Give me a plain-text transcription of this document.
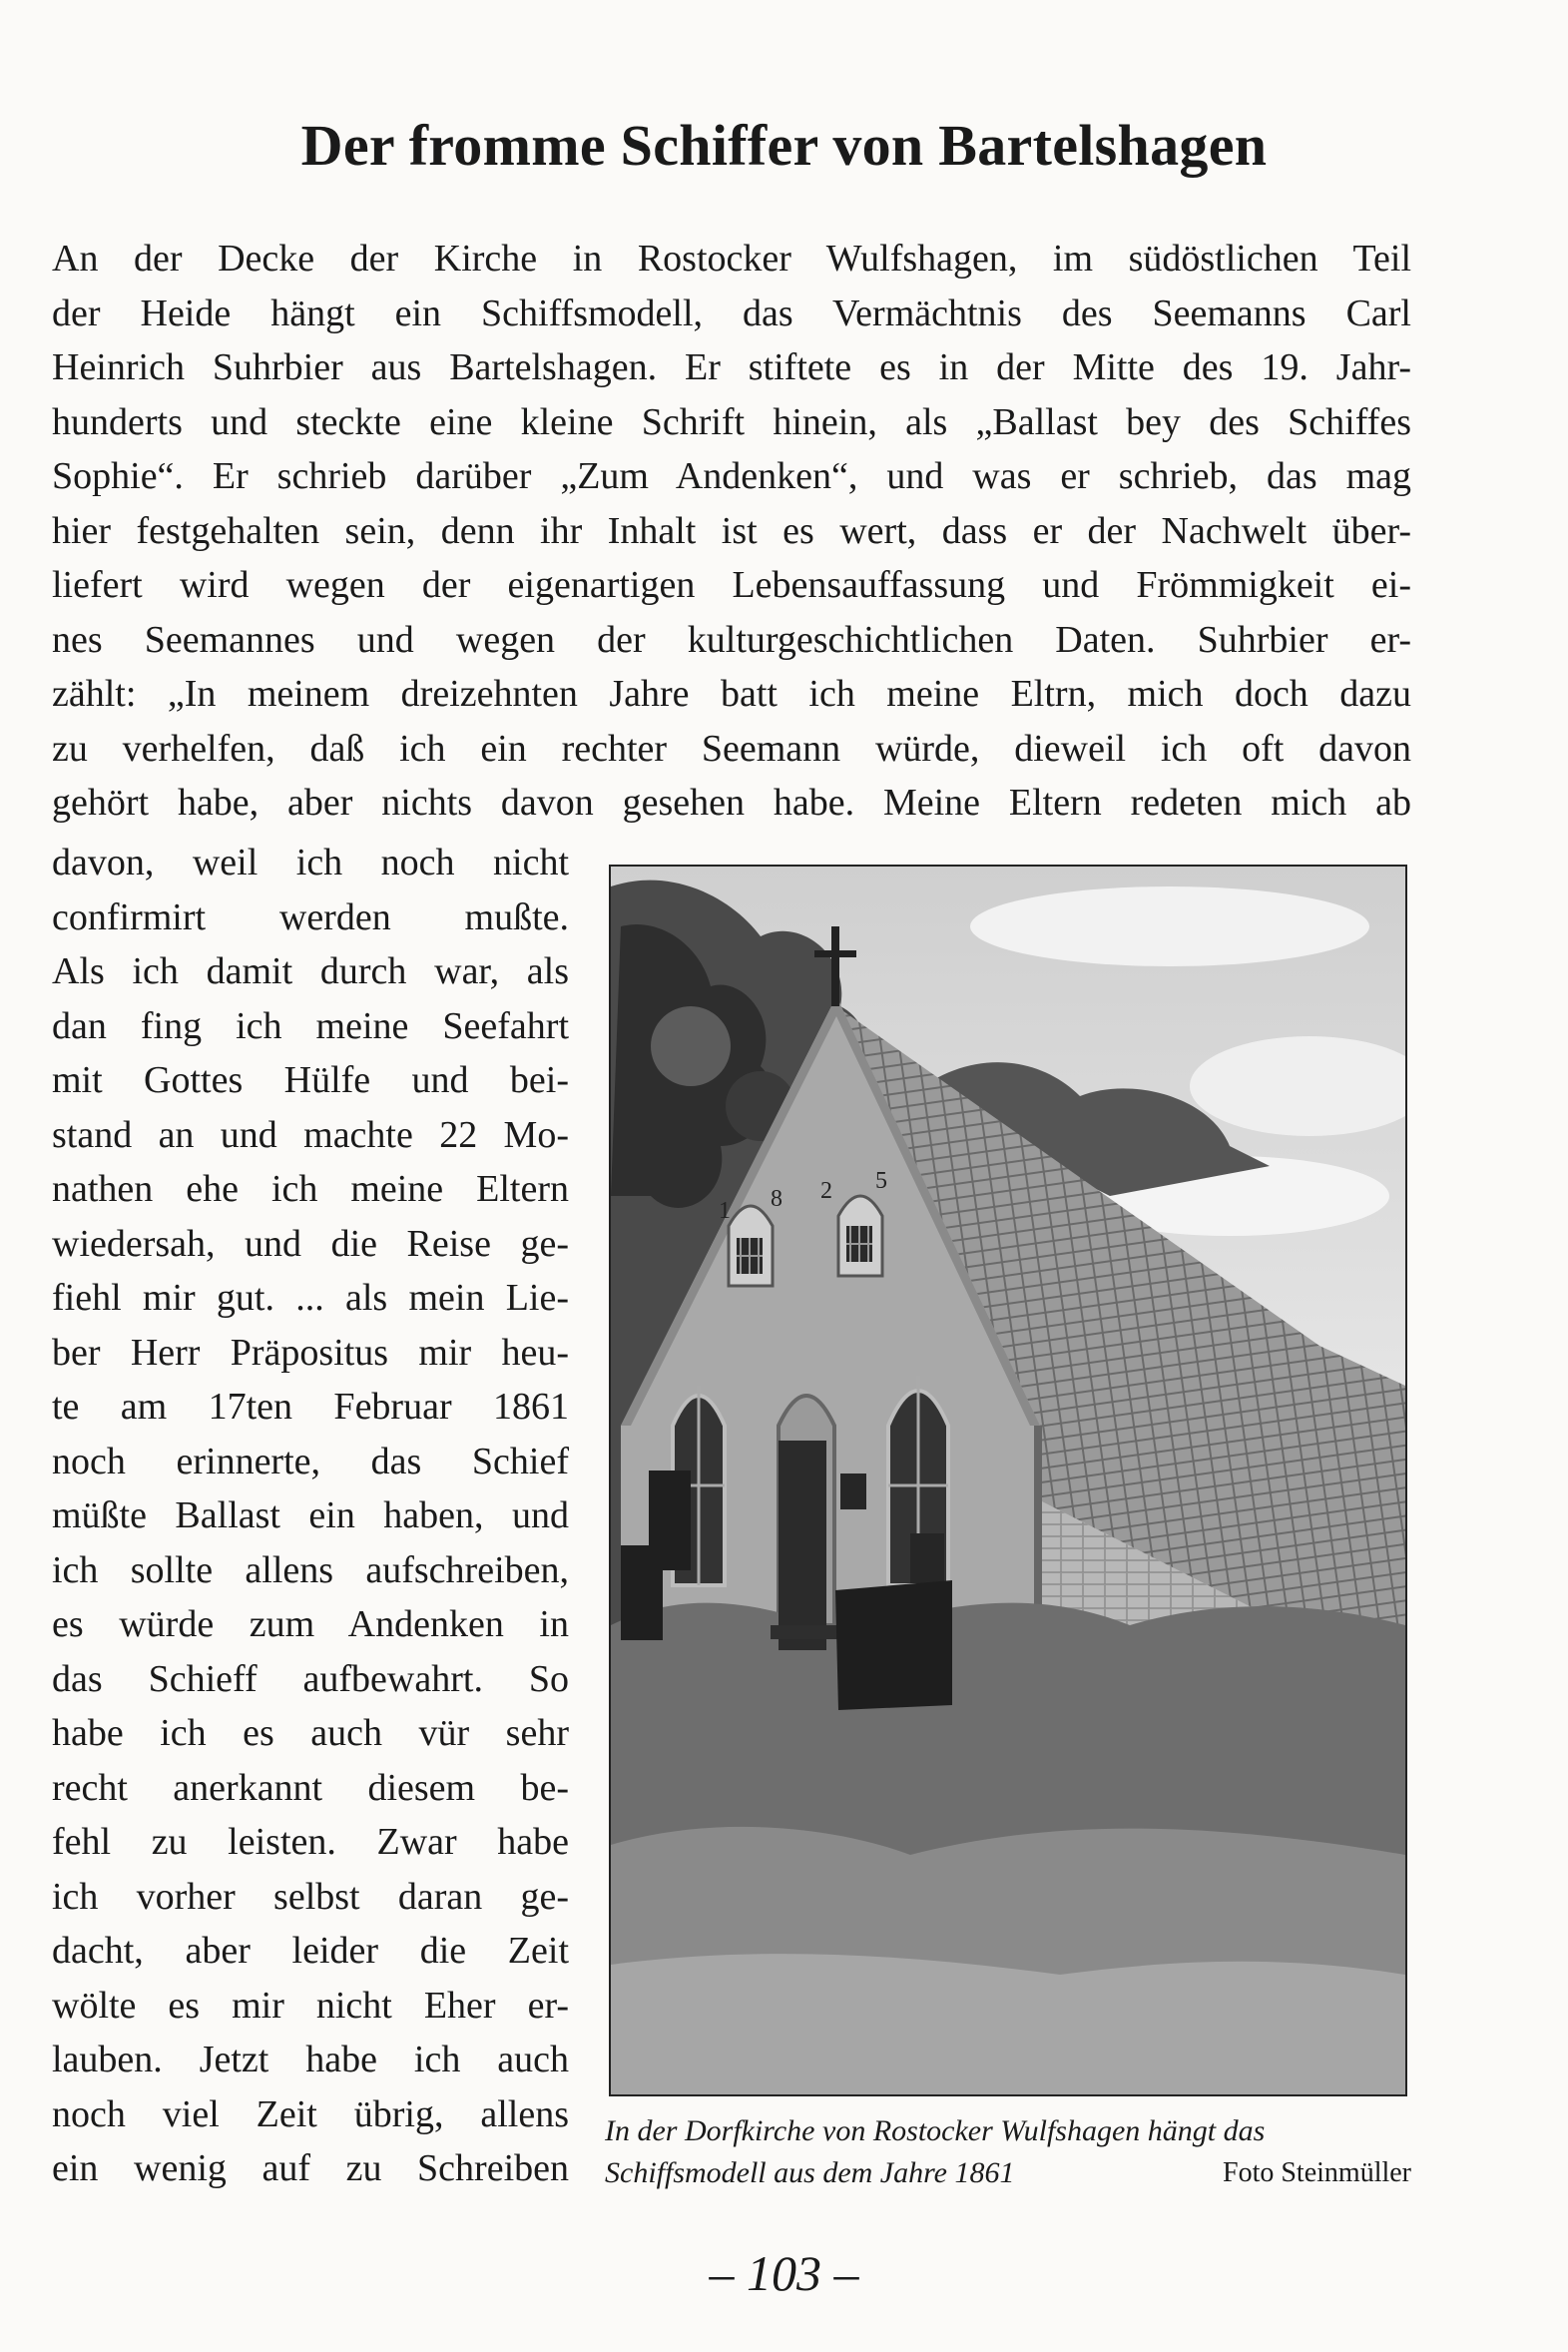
Der fromme Schiffer von Bartelshagen
An der Decke der Kirche in Rostocker Wulfshagen, im südöstlichen Teil
der Heide hängt ein Schiffsmodell, das Vermächtnis des Seemanns Carl
Heinrich Suhrbier aus Bartelshagen. Er stiftete es in der Mitte des 19. Jahr-
hunderts und steckte eine kleine Schrift hinein, als „Ballast bey des Schiffes
Sophie“. Er schrieb darüber „Zum Andenken“, und was er schrieb, das mag
hier festgehalten sein, denn ihr Inhalt ist es wert, dass er der Nachwelt über-
liefert wird wegen der eigenartigen Lebensauffassung und Frömmigkeit ei-
nes Seemannes und wegen der kulturgeschichtlichen Daten. Suhrbier er-
zählt: „In meinem dreizehnten Jahre batt ich meine Eltrn, mich doch dazu
zu verhelfen, daß ich ein rechter Seemann würde, dieweil ich oft davon
gehört habe, aber nichts davon gesehen habe. Meine Eltern redeten mich ab
davon, weil ich noch nicht
confirmirt werden mußte.
Als ich damit durch war, als
dan fing ich meine Seefahrt
mit Gottes Hülfe und bei-
stand an und machte 22 Mo-
nathen ehe ich meine Eltern
wiedersah, und die Reise ge-
fiehl mir gut. ... als mein Lie-
ber Herr Präpositus mir heu-
te am 17ten Februar 1861
noch erinnerte, das Schief
müßte Ballast ein haben, und
ich sollte allens aufschreiben,
es würde zum Andenken in
das Schieff aufbewahrt. So
habe ich es auch vür sehr
recht anerkannt diesem be-
fehl zu leisten. Zwar habe
ich vorher selbst daran ge-
dacht, aber leider die Zeit
wölte es mir nicht Eher er-
lauben. Jetzt habe ich auch
noch viel Zeit übrig, allens
ein wenig auf zu Schreiben
1 8 2 5
In der Dorfkirche von Rostocker Wulfshagen hängt das
Schiffsmodell aus dem Jahre 1861	Foto Steinmüller
– 103 –
